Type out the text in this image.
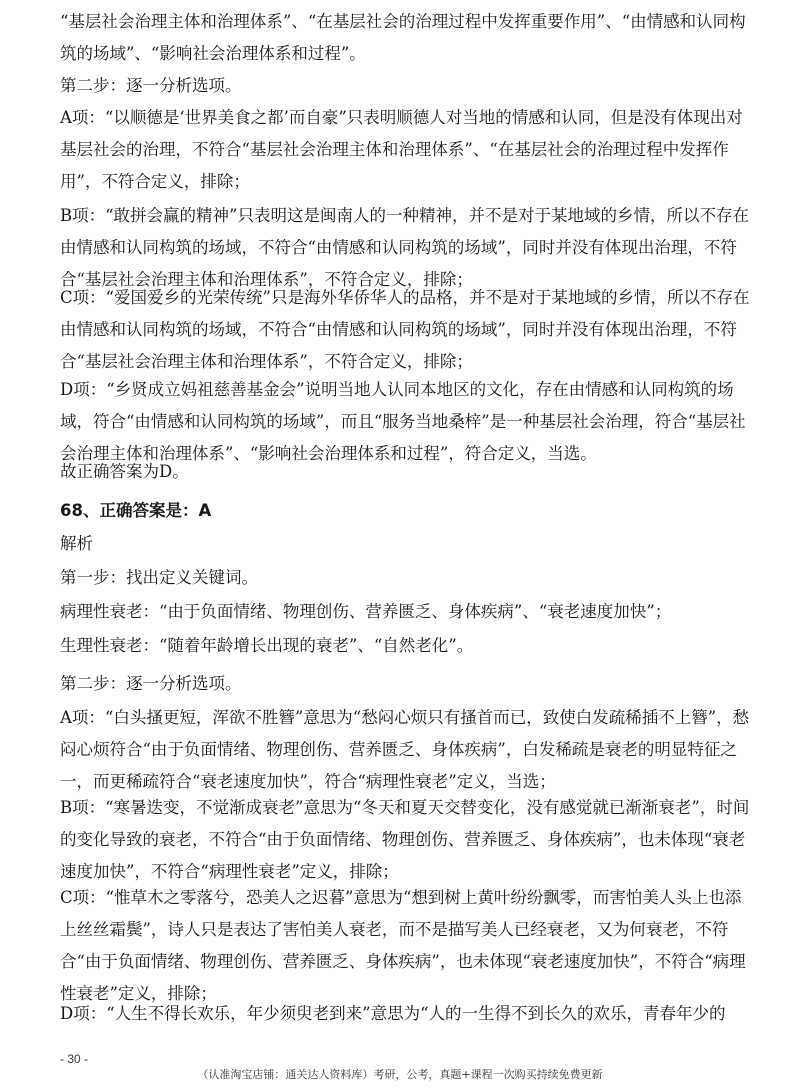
“基层社会治理主体和治理体系”、“在基层社会的治理过程中发挥重要作用”、“由情感和认同构筑的场域”、“影响社会治理体系和过程”。

第二步：逐一分析选项。

A项：“以顺德是‘世界美食之都’而自豪”只表明顺德人对当地的情感和认同，但是没有体现出对基层社会的治理，不符合“基层社会治理主体和治理体系”、“在基层社会的治理过程中发挥作用”，不符合定义，排除；

B项：“敢拼会赢的精神”只表明这是闽南人的一种精神，并不是对于某地域的乡情，所以不存在由情感和认同构筑的场域，不符合“由情感和认同构筑的场域”，同时并没有体现出治理，不符合“基层社会治理主体和治理体系”，不符合定义，排除；

C项：“爱国爱乡的光荣传统”只是海外华侨华人的品格，并不是对于某地域的乡情，所以不存在由情感和认同构筑的场域，不符合“由情感和认同构筑的场域”，同时并没有体现出治理，不符合“基层社会治理主体和治理体系”，不符合定义，排除；

D项：“乡贤成立妈祖慈善基金会”说明当地人认同本地区的文化，存在由情感和认同构筑的场域，符合“由情感和认同构筑的场域”，而且“服务当地桑梓”是一种基层社会治理，符合“基层社会治理主体和治理体系”、“影响社会治理体系和过程”，符合定义，当选。

故正确答案为D。

68、正确答案是：A

解析

第一步：找出定义关键词。

病理性衰老：“由于负面情绪、物理创伤、营养匮乏、身体疾病”、“衰老速度加快”；

生理性衰老：“随着年龄增长出现的衰老”、“自然老化”。

第二步：逐一分析选项。

A项：“白头搔更短，浑欲不胜簪”意思为“愁闷心烦只有搔首而已，致使白发疏稀插不上簪”，愁闷心烦符合“由于负面情绪、物理创伤、营养匮乏、身体疾病”，白发稀疏是衰老的明显特征之一，而更稀疏符合“衰老速度加快”，符合“病理性衰老”定义，当选；

B项：“寒暑迭变，不觉渐成衰老”意思为“冬天和夏天交替变化，没有感觉就已渐渐衰老”，时间的变化导致的衰老，不符合“由于负面情绪、物理创伤、营养匮乏、身体疾病”，也未体现“衰老速度加快”，不符合“病理性衰老”定义，排除；

C项：“惟草木之零落兮，恐美人之迟暮”意思为“想到树上黄叶纷纷飘零，而害怕美人头上也添上丝丝霜鬓”，诗人只是表达了害怕美人衰老，而不是描写美人已经衰老，又为何衰老，不符合“由于负面情绪、物理创伤、营养匮乏、身体疾病”，也未体现“衰老速度加快”，不符合“病理性衰老”定义，排除；

D项：“人生不得长欢乐，年少须臾老到来”意思为“人的一生得不到长久的欢乐，青春年少的

- 30 -
（认准淘宝店铺：通关达人资料库）考研，公考，真题+课程一次购买持续免费更新
